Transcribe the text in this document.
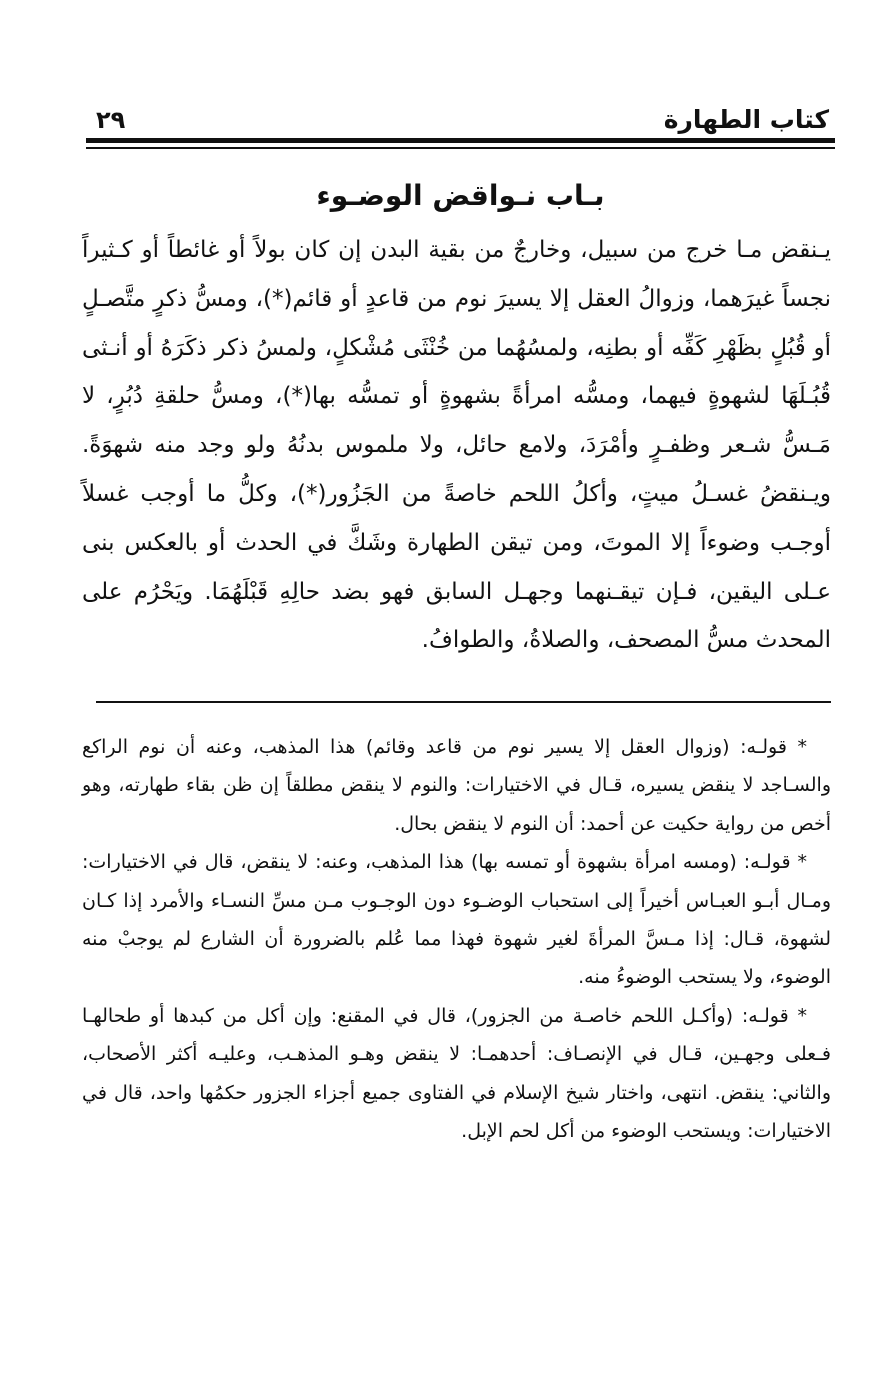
٢٩	كتاب الطهارة
بـاب نـواقض الوضـوء

يـنقض مـا خرج من سبيل، وخارجٌ من بقية البدن إن كان بولاً أو غائطاً أو كـثيراً نجساً غيرَهما، وزوالُ العقل إلا يسيرَ نوم من قاعدٍ أو قائم(*)، ومسُّ ذكرٍ متَّصـلٍ أو قُبُلٍ بظَهْرِ كَفِّه أو بطنِه، ولمسُهُما من خُنْثَى مُشْكلٍ، ولمسُ ذكر ذكَرَهُ أو أنـثى قُبُـلَهَا لشهوةٍ فيهما، ومسُّه امرأةً بشهوةٍ أو تمسُّه بها(*)، ومسُّ حلقةِ دُبُرٍ، لا مَـسُّ شـعر وظفـرٍ وأمْرَدَ، ولامع حائل، ولا ملموس بدنُهُ ولو وجد منه شهوَةً. ويـنقضُ غسـلُ ميتٍ، وأكلُ اللحم خاصةً من الجَزُور(*)، وكلُّ ما أوجب غسلاً أوجـب وضوءاً إلا الموتَ، ومن تيقن الطهارة وشَكَّ في الحدث أو بالعكس بنى عـلى اليقين، فـإن تيقـنهما وجهـل السابق فهو بضد حالِهِ قَبْلَهُمَا. ويَحْرُم على المحدث مسُّ المصحف، والصلاةُ، والطوافُ.

* قولـه: (وزوال العقل إلا يسير نوم من قاعد وقائم) هذا المذهب، وعنه أن نوم الراكع والسـاجد لا ينقض يسيره، قـال في الاختيارات: والنوم لا ينقض مطلقاً إن ظن بقاء طهارته، وهو أخص من رواية حكيت عن أحمد: أن النوم لا ينقض بحال.

* قولـه: (ومسه امرأة بشهوة أو تمسه بها) هذا المذهب، وعنه: لا ينقض، قال في الاختيارات: ومـال أبـو العبـاس أخيراً إلى استحباب الوضـوء دون الوجـوب مـن مسِّ النسـاء والأمرد إذا كـان لشهوة، قـال: إذا مـسَّ المرأةَ لغير شهوة فهذا مما عُلم بالضرورة أن الشارع لم يوجبْ منه الوضوء، ولا يستحب الوضوءُ منه.

* قولـه: (وأكـل اللحم خاصـة من الجزور)، قال في المقنع: وإن أكل من كبدها أو طحالهـا فـعلى وجهـين، قـال في الإنصـاف: أحدهمـا: لا ينقض وهـو المذهـب، وعليـه أكثر الأصحاب، والثاني: ينقض. انتهى، واختار شيخ الإسلام في الفتاوى جميع أجزاء الجزور حكمُها واحد، قال في الاختيارات: ويستحب الوضوء من أكل لحم الإبل.
